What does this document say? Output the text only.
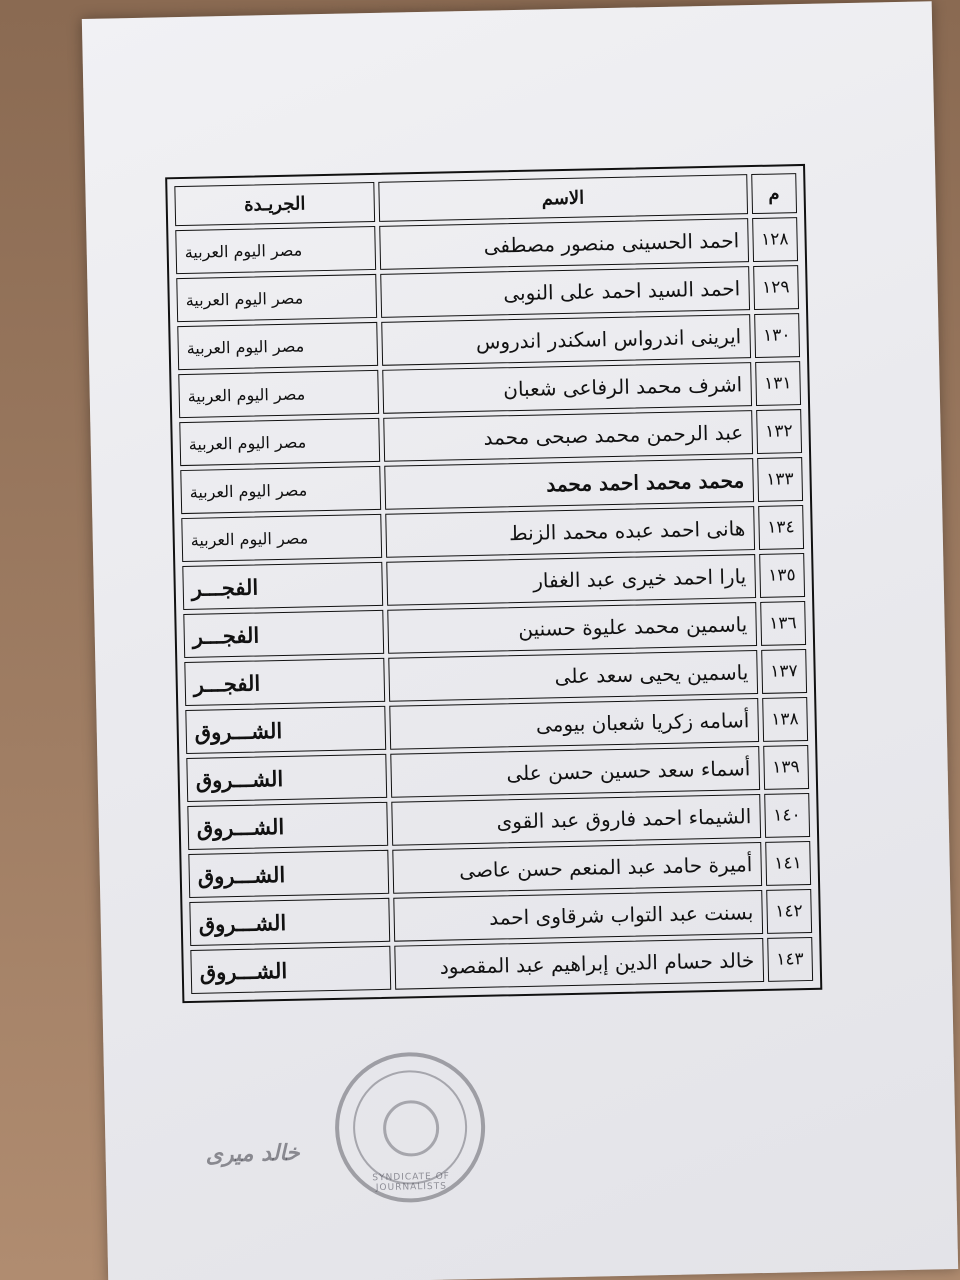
م	الاسم	الجريـدة
١٢٨	احمد الحسينى منصور مصطفى	مصر اليوم العربية
١٢٩	احمد السيد احمد على النوبى	مصر اليوم العربية
١٣٠	ايرينى اندرواس اسكندر اندروس	مصر اليوم العربية
١٣١	اشرف محمد الرفاعى شعبان	مصر اليوم العربية
١٣٢	عبد الرحمن محمد صبحى محمد	مصر اليوم العربية
١٣٣	محمد محمد احمد محمد	مصر اليوم العربية
١٣٤	هانى احمد عبده محمد الزنط	مصر اليوم العربية
١٣٥	يارا احمد خيرى عبد الغفار	الفجـــر
١٣٦	ياسمين محمد عليوة حسنين	الفجـــر
١٣٧	ياسمين يحيى سعد على	الفجـــر
١٣٨	أسامه زكريا شعبان بيومى	الشـــروق
١٣٩	أسماء سعد حسين حسن على	الشـــروق
١٤٠	الشيماء احمد فاروق عبد القوى	الشـــروق
١٤١	أميرة حامد عبد المنعم حسن عاصى	الشـــروق
١٤٢	بسنت عبد التواب شرقاوى احمد	الشـــروق
١٤٣	خالد حسام الدين إبراهيم عبد المقصود	الشـــروق
SYNDICATE OF JOURNALISTS
خالد ميرى
